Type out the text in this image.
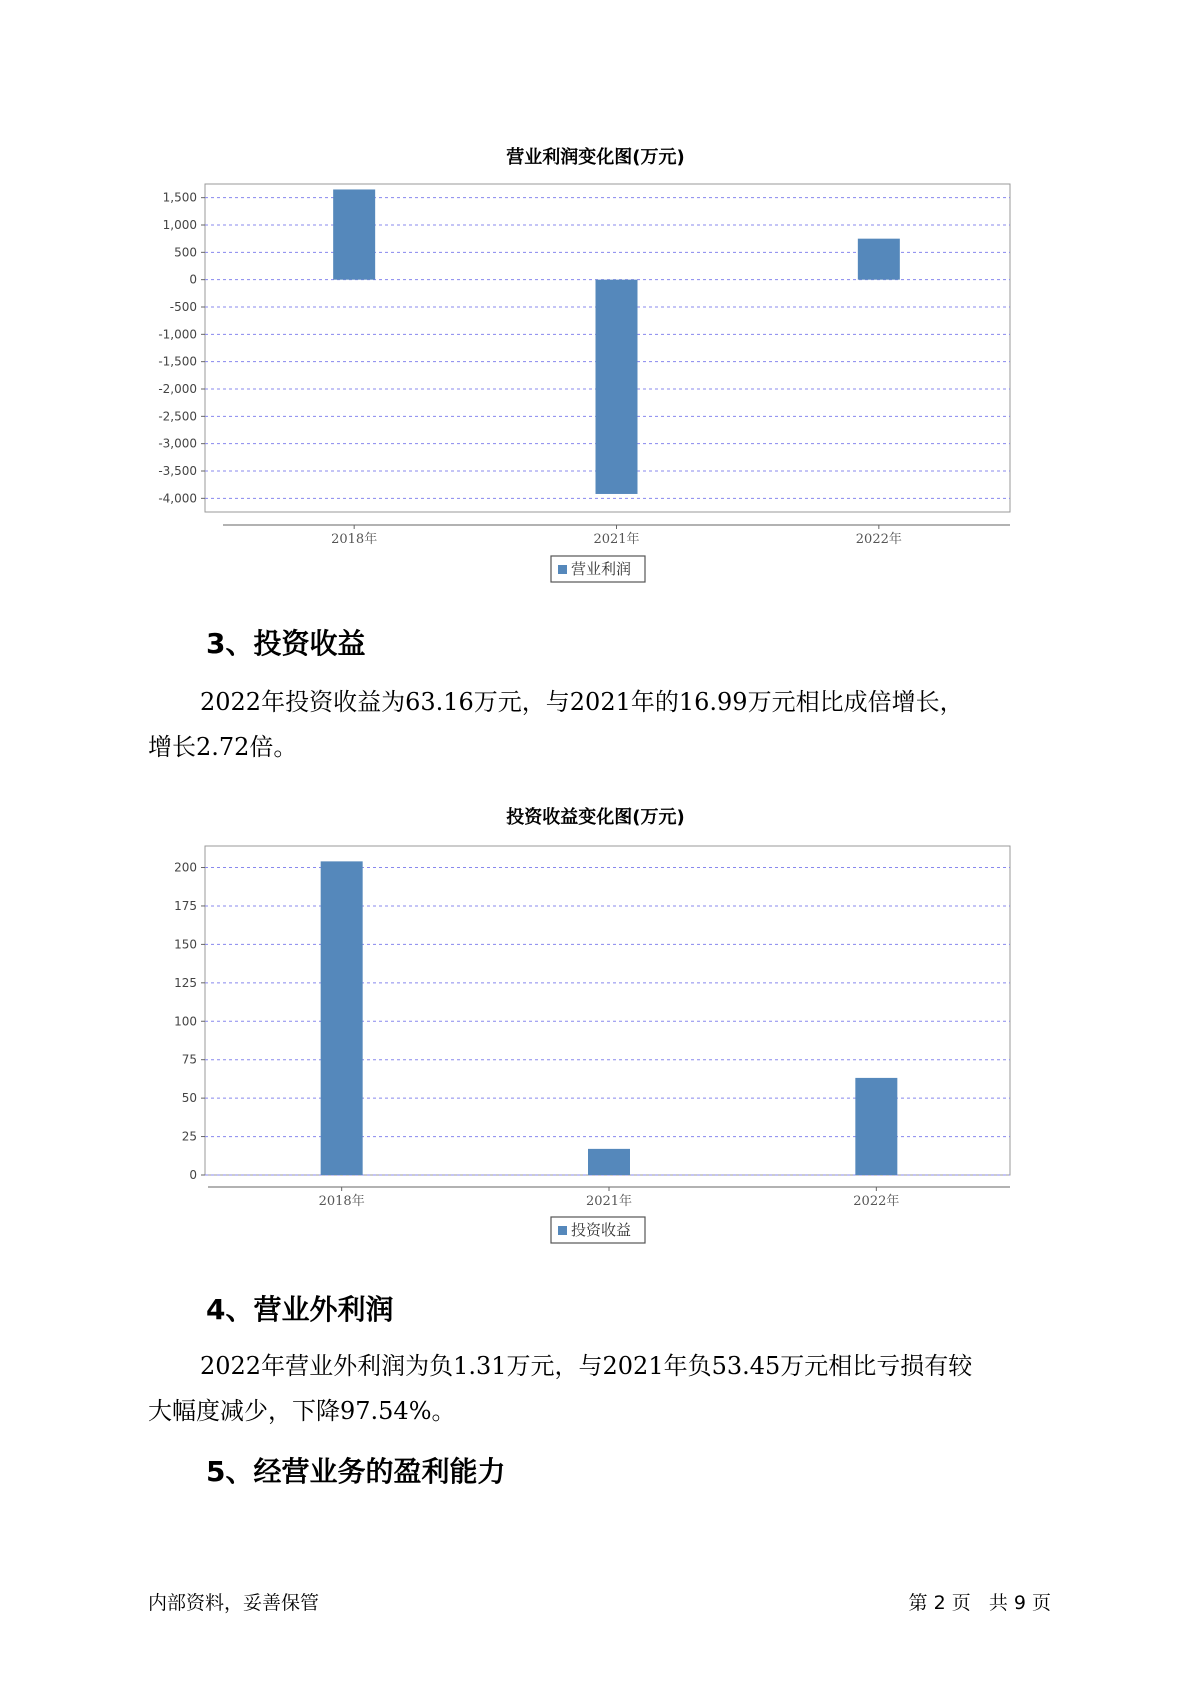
营业利润变化图(万元)
1,500
1,000
500
0
-500
-1,000
-1,500
-2,000
-2,500
-3,000
-3,500
-4,000
2018年	2021年	2022年
营业利润
3、投资收益
2022年投资收益为63.16万元，与2021年的16.99万元相比成倍增长，
增长2.72倍。
投资收益变化图(万元)
200
175
150
125
100
75
50
25
0
2018年	2021年	2022年
投资收益
4、营业外利润
2022年营业外利润为负1.31万元，与2021年负53.45万元相比亏损有较
大幅度减少，下降97.54%。
5、经营业务的盈利能力
内部资料，妥善保管	第 2 页   共 9 页
